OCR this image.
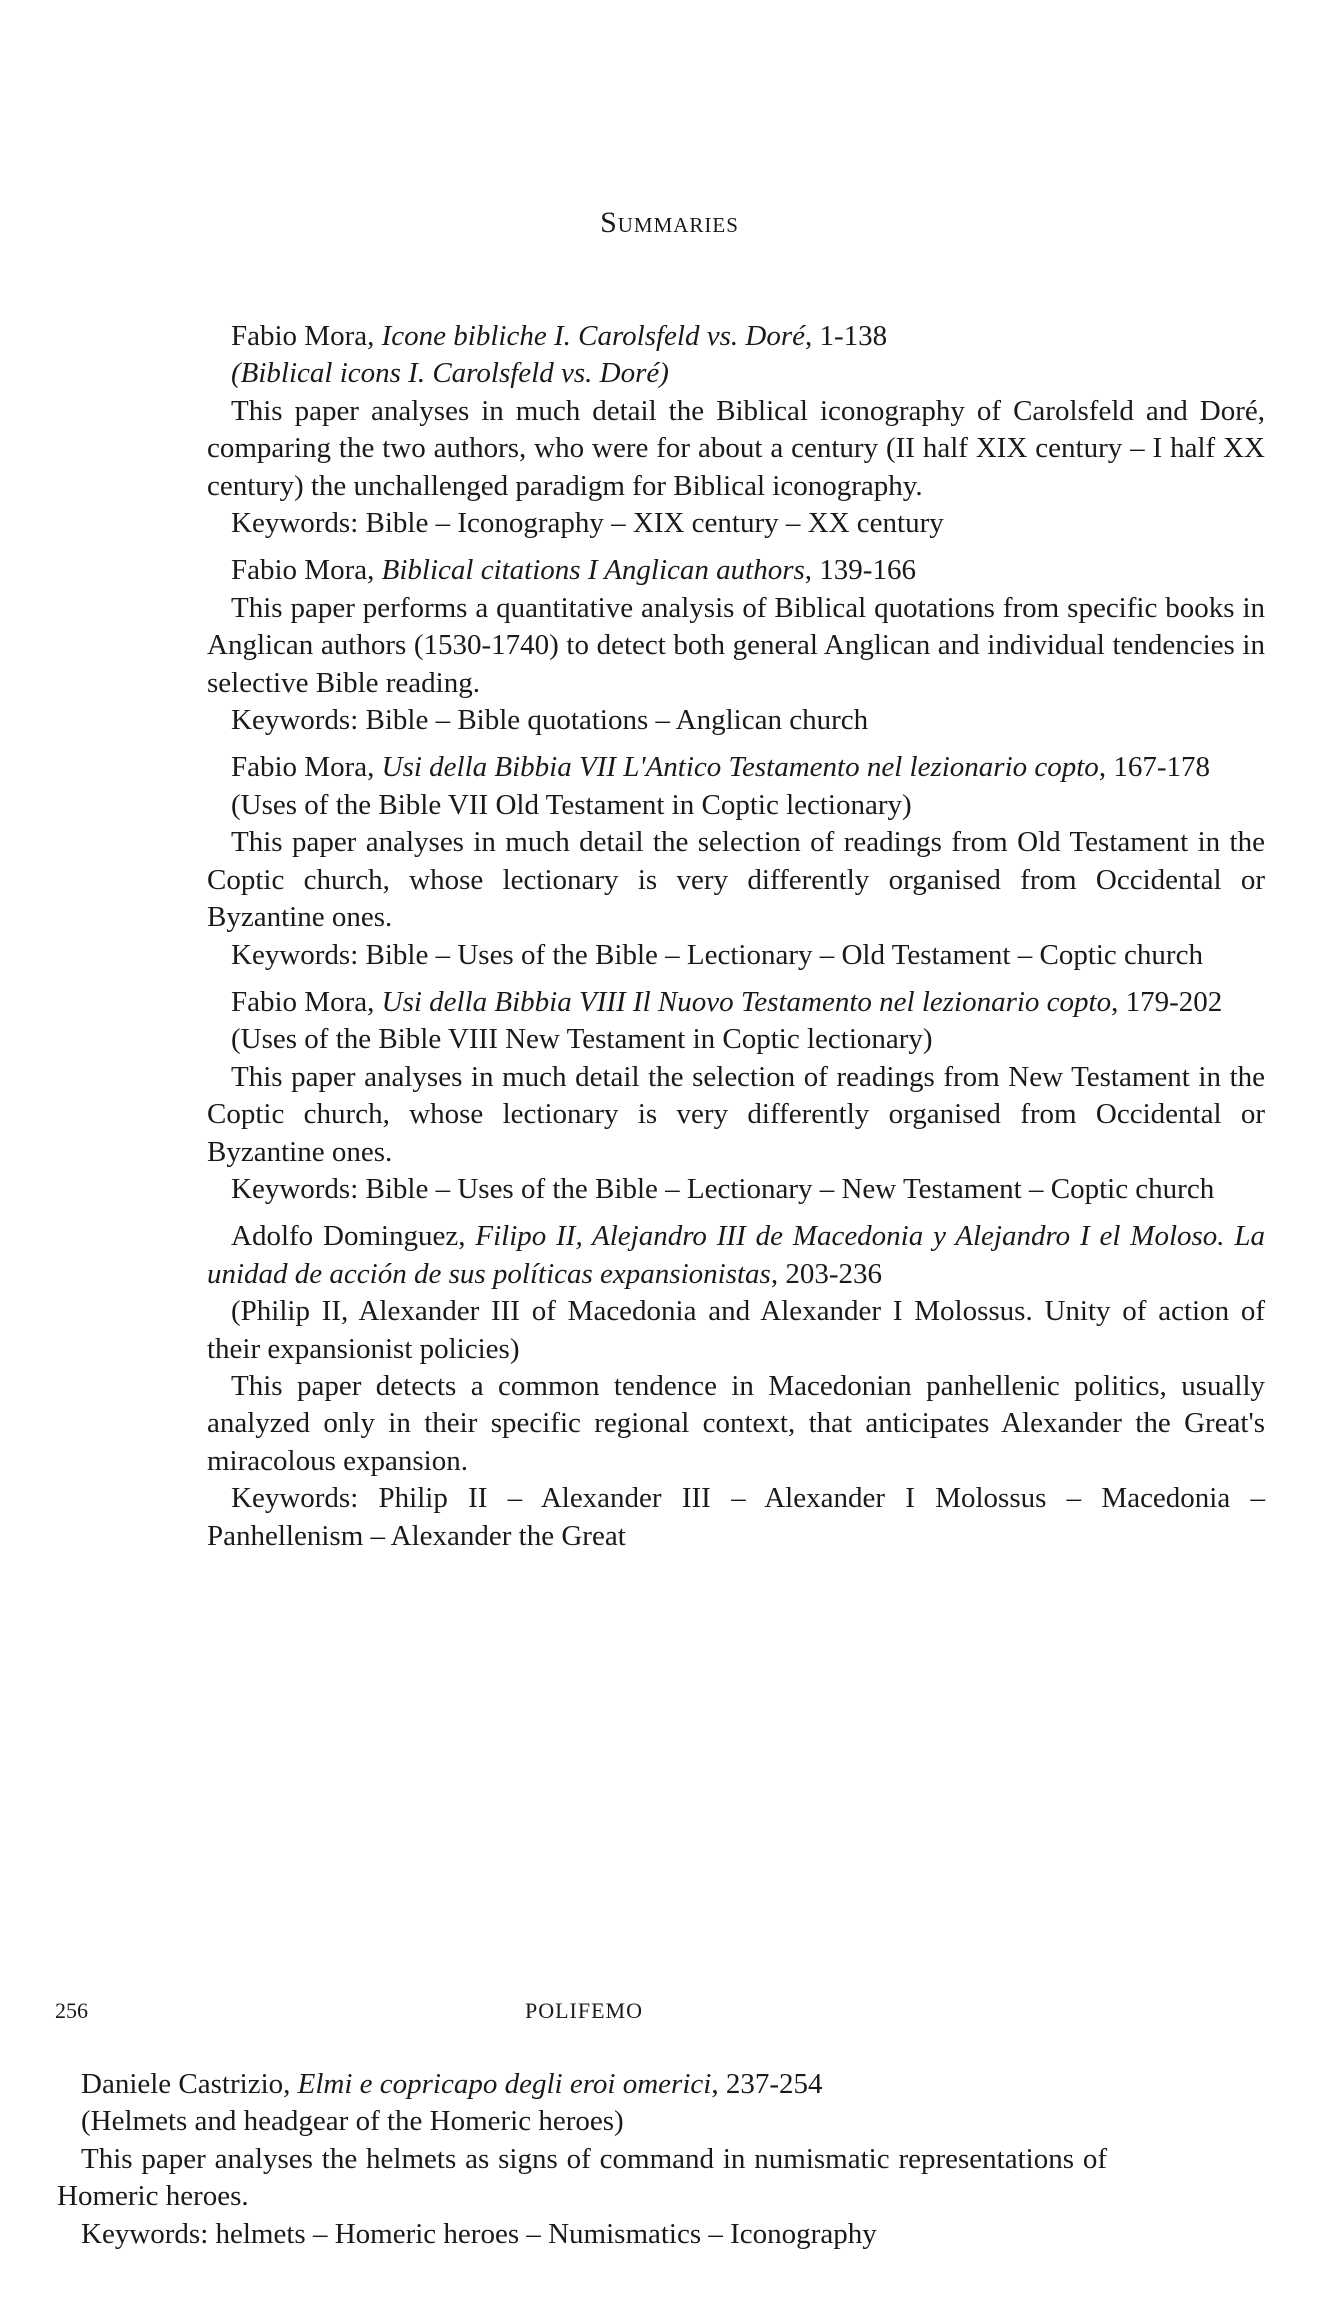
Summaries

Fabio Mora, Icone bibliche I. Carolsfeld vs. Doré, 1-138

(Biblical icons I. Carolsfeld vs. Doré)

This paper analyses in much detail the Biblical iconography of Carolsfeld and Doré, comparing the two authors, who were for about a century (II half XIX century – I half XX century) the unchallenged paradigm for Biblical iconography.

Keywords: Bible – Iconography – XIX century – XX century

Fabio Mora, Biblical citations I Anglican authors, 139-166

This paper performs a quantitative analysis of Biblical quotations from specific books in Anglican authors (1530-1740) to detect both general Anglican and individual tendencies in selective Bible reading.

Keywords: Bible – Bible quotations – Anglican church

Fabio Mora, Usi della Bibbia VII L'Antico Testamento nel lezionario copto, 167-178

(Uses of the Bible VII Old Testament in Coptic lectionary)

This paper analyses in much detail the selection of readings from Old Testament in the Coptic church, whose lectionary is very differently organised from Occidental or Byzantine ones.

Keywords: Bible – Uses of the Bible – Lectionary – Old Testament – Coptic church

Fabio Mora, Usi della Bibbia VIII Il Nuovo Testamento nel lezionario copto, 179-202

(Uses of the Bible VIII New Testament in Coptic lectionary)

This paper analyses in much detail the selection of readings from New Testament in the Coptic church, whose lectionary is very differently organised from Occidental or Byzantine ones.

Keywords: Bible – Uses of the Bible – Lectionary – New Testament – Coptic church

Adolfo Dominguez, Filipo II, Alejandro III de Macedonia y Alejandro I el Moloso. La unidad de acción de sus políticas expansionistas, 203-236

(Philip II, Alexander III of Macedonia and Alexander I Molossus. Unity of action of their expansionist policies)

This paper detects a common tendence in Macedonian panhellenic politics, usually analyzed only in their specific regional context, that anticipates Alexander the Great's miracolous expansion.

Keywords: Philip II – Alexander III – Alexander I Molossus – Macedonia – Panhellenism – Alexander the Great

256	POLIFEMO

Daniele Castrizio, Elmi e copricapo degli eroi omerici, 237-254

(Helmets and headgear of the Homeric heroes)

This paper analyses the helmets as signs of command in numismatic representations of Homeric heroes.

Keywords: helmets – Homeric heroes – Numismatics – Iconography
